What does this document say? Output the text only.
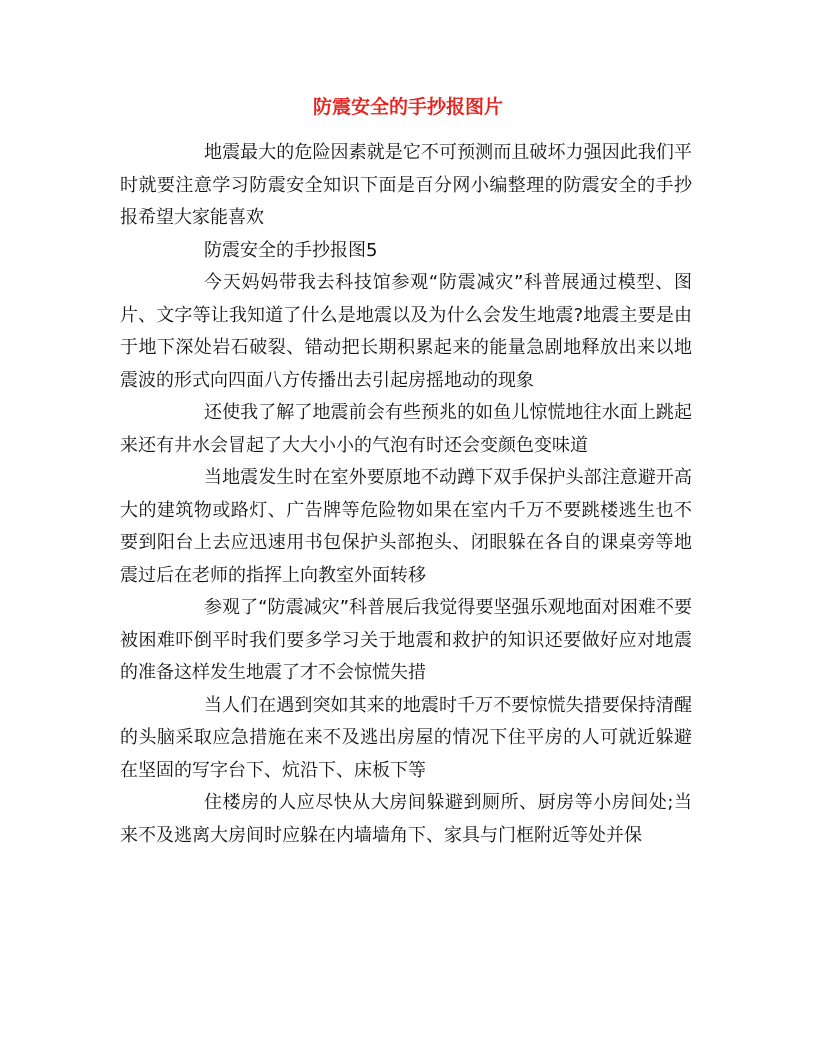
防震安全的手抄报图片

地震最大的危险因素就是它不可预测而且破坏力强因此我们平时就要注意学习防震安全知识下面是百分网小编整理的防震安全的手抄报希望大家能喜欢

防震安全的手抄报图5

今天妈妈带我去科技馆参观“防震减灾”科普展通过模型、图片、文字等让我知道了什么是地震以及为什么会发生地震?地震主要是由于地下深处岩石破裂、错动把长期积累起来的能量急剧地释放出来以地震波的形式向四面八方传播出去引起房摇地动的现象

还使我了解了地震前会有些预兆的如鱼儿惊慌地往水面上跳起来还有井水会冒起了大大小小的气泡有时还会变颜色变味道

当地震发生时在室外要原地不动蹲下双手保护头部注意避开高大的建筑物或路灯、广告牌等危险物如果在室内千万不要跳楼逃生也不要到阳台上去应迅速用书包保护头部抱头、闭眼躲在各自的课桌旁等地震过后在老师的指挥上向教室外面转移

参观了“防震减灾”科普展后我觉得要坚强乐观地面对困难不要被困难吓倒平时我们要多学习关于地震和救护的知识还要做好应对地震的准备这样发生地震了才不会惊慌失措

当人们在遇到突如其来的地震时千万不要惊慌失措要保持清醒的头脑采取应急措施在来不及逃出房屋的情况下住平房的人可就近躲避在坚固的写字台下、炕沿下、床板下等

住楼房的人应尽快从大房间躲避到厕所、厨房等小房间处;当来不及逃离大房间时应躲在内墙墙角下、家具与门框附近等处并保
